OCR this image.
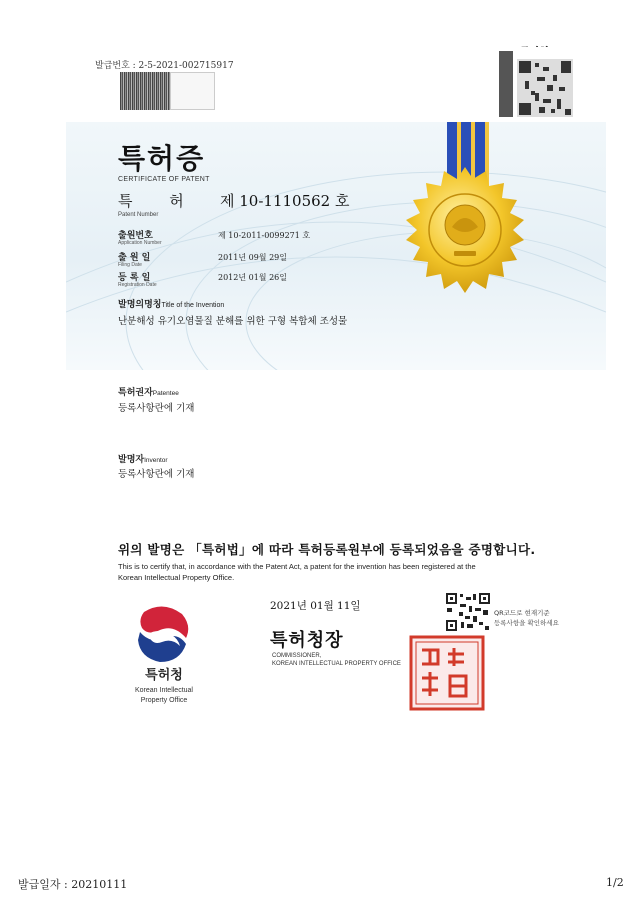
발급번호 : 2-5-2021-002715917
특허증
CERTIFICATE OF PATENT
특 허
Patent Number
제 10-1110562 호
출원번호
Application Number
제 10-2011-0099271 호
출 원 일
Filing Date
2011년 09월 29일
등 록 일
Registration Date
2012년 01월 26일
발명의명칭Title of the Invention
난분해성 유기오염물질 분해를 위한 구형 복합체 조성물
특허권자Patentee
등록사항란에 기재
발명자Inventor
등록사항란에 기재
위의 발명은 「특허법」에 따라 특허등록원부에 등록되었음을 증명합니다.
This is to certify that, in accordance with the Patent Act, a patent for the invention has been registered at the
Korean Intellectual Property Office.
특허청
Korean Intellectual
Property Office
2021년 01월 11일
특허청장
COMMISSIONER,
KOREAN INTELLECTUAL PROPERTY OFFICE
QR코드로 현재기준
등록사항을 확인하세요
발급일자 : 20210111	1/2
